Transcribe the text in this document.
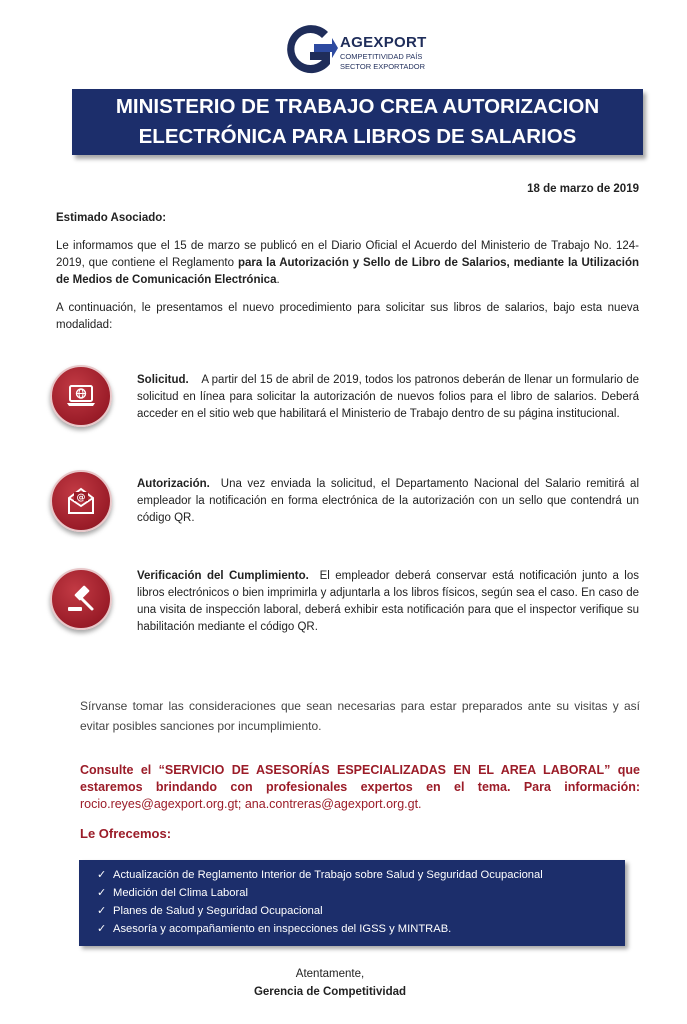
AGEXPORT
COMPETITIVIDAD PAÍS
SECTOR EXPORTADOR
MINISTERIO DE TRABAJO CREA AUTORIZACION
ELECTRÓNICA PARA LIBROS DE SALARIOS
18 de marzo de 2019

Estimado Asociado:

Le informamos que el 15 de marzo se publicó en el Diario Oficial el Acuerdo del Ministerio de Trabajo No. 124-2019, que contiene el Reglamento para la Autorización y Sello de Libro de Salarios, mediante la Utilización de Medios de Comunicación Electrónica.

A continuación, le presentamos el nuevo procedimiento para solicitar sus libros de salarios, bajo esta nueva modalidad:

Solicitud. A partir del 15 de abril de 2019, todos los patronos deberán de llenar un formulario de solicitud en línea para solicitar la autorización de nuevos folios para el libro de salarios. Deberá acceder en el sitio web que habilitará el Ministerio de Trabajo dentro de su página institucional.

@

Autorización. Una vez enviada la solicitud, el Departamento Nacional del Salario remitirá al empleador la notificación en forma electrónica de la autorización con un sello que contendrá un código QR.

Verificación del Cumplimiento. El empleador deberá conservar está notificación junto a los libros electrónicos o bien imprimirla y adjuntarla a los libros físicos, según sea el caso. En caso de una visita de inspección laboral, deberá exhibir esta notificación para que el inspector verifique su habilitación mediante el código QR.

Sírvanse tomar las consideraciones que sean necesarias para estar preparados ante su visitas y así evitar posibles sanciones por incumplimiento.

Consulte el “SERVICIO DE ASESORÍAS ESPECIALIZADAS EN EL AREA LABORAL” que estaremos brindando con profesionales expertos en el tema. Para información: rocio.reyes@agexport.org.gt; ana.contreras@agexport.org.gt.

Le Ofrecemos:
✓ Actualización de Reglamento Interior de Trabajo sobre Salud y Seguridad Ocupacional
✓ Medición del Clima Laboral
✓ Planes de Salud y Seguridad Ocupacional
✓ Asesoría y acompañamiento en inspecciones del IGSS y MINTRAB.
Atentamente,
Gerencia de Competitividad
